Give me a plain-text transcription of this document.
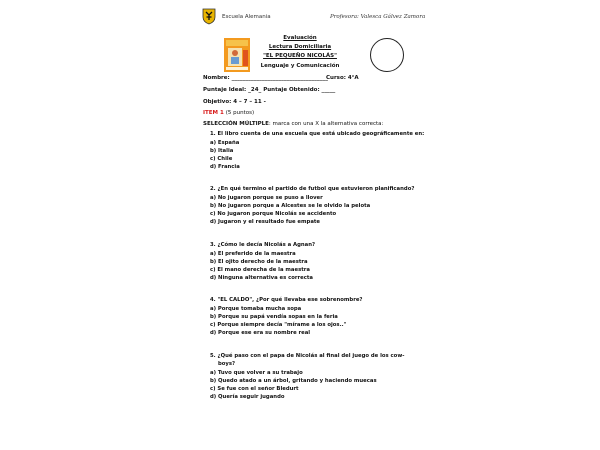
Escuela Alemania	Profesora: Valesca Gálvez Zamora
Evaluación
Lectura Domiciliaria
"EL PEQUEÑO NICOLÁS"
Lenguaje y Comunicación
Nombre: ___________________________________
Curso: 4°A
Puntaje Ideal: _24_ Puntaje Obtenido: _____
Objetivo: 4 – 7 – 11 -
ITEM 1 (5 puntos)
SELECCIÓN MÚLTIPLE: marca con una X la alternativa correcta:
1. El libro cuenta de una escuela que está ubicado geográficamente en:
a) España
b) Italia
c) Chile
d) Francia
2. ¿En qué termino el partido de futbol que estuvieron planificando?
a) No jugaron porque se puso a llover
b) No jugaron porque a Alcestes se le olvido la pelota
c) No jugaron porque Nicolás se accidento
d) Jugaron y el resultado fue empate
3. ¿Cómo le decía Nicolás a Agnan?
a) El preferido de la maestra
b) El ojito derecho de la maestra
c) El mano derecha de la maestra
d) Ninguna alternativa es correcta
4. "EL CALDO", ¿Por qué llevaba ese sobrenombre?
a) Porque tomaba mucha sopa
b) Porque su papá vendía sopas en la feria
c) Porque siempre decía "mírame a los ojos.."
d) Porque ese era su nombre real
5. ¿Qué paso con el papa de Nicolás al final del juego de los cow-
boys?
a) Tuvo que volver a su trabajo
b) Quedo atado a un árbol, gritando y haciendo muecas
c) Se fue con el señor Bledurt
d) Quería seguir jugando
